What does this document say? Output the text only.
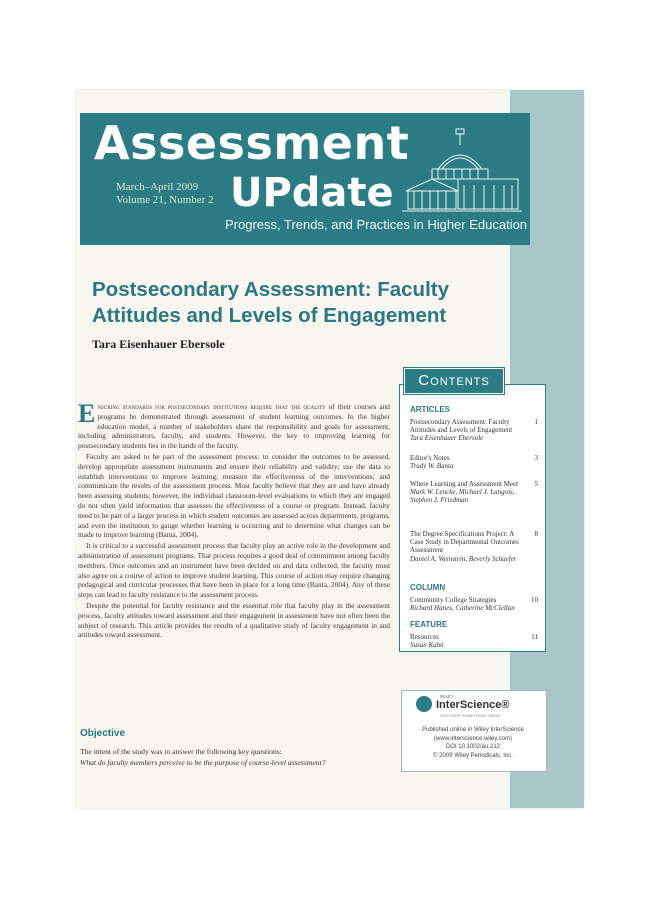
Assessment
UPdate
March–April 2009
Volume 21, Number 2
Progress, Trends, and Practices in Higher Education
Postsecondary Assessment: Faculty
Attitudes and Levels of Engagement
Tara Eisenhauer Ebersole

Ensuring standards for postsecondary institutions require that the quality of their courses and programs be demonstrated through assessment of student learning outcomes. In the higher education model, a number of stakeholders share the responsibility and goals for assessment, including administrators, faculty, and students. However, the key to improving learning for postsecondary students lies in the hands of the faculty.

Faculty are asked to be part of the assessment process: to consider the outcomes to be assessed, develop appropriate assessment instruments and ensure their reliability and validity; use the data to establish interventions to improve learning; measure the effectiveness of the interventions; and communicate the results of the assessment process. Most faculty believe that they are and have already been assessing students; however, the individual classroom-level evaluations to which they are engaged do not often yield information that assesses the effectiveness of a course or program. Instead, faculty need to be part of a larger process in which student outcomes are assessed across departments, programs, and even the institution to gauge whether learning is occurring and to determine what changes can be made to improve learning (Banta, 2004).

It is critical to a successful assessment process that faculty play an active role in the development and administration of assessment programs. That process requires a good deal of commitment among faculty members. Once outcomes and an instrument have been decided on and data collected, the faculty must also agree on a course of action to improve student learning. This course of action may require changing pedagogical and curricular processes that have been in place for a long time (Banta, 2004). Any of these steps can lead to faculty resistance to the assessment process.

Despite the potential for faculty resistance and the essential role that faculty play in the assessment process, faculty attitudes toward assessment and their engagement in assessment have not often been the subject of research. This article provides the results of a qualitative study of faculty engagement in and attitudes toward assessment.

Objective
The intent of the study was to answer the following key questions:
What do faculty members perceive to be the purpose of course-level assessment?
CONTENTS
ARTICLES
Postsecondary Assessment: Faculty Attitudes and Levels of Engagement
Tara Eisenhauer Ebersole
1
Editor's Notes
Trudy W. Banta
3
Where Learning and Assessment Meet
Mark W. Lencke, Michael J. Langois, Stephen J. Friedman
5
The Degree Specifications Project: A Case Study in Departmental Outcomes Assessment
Daniel A. Weinstein, Beverly Schaefer
8
COLUMN
Community College Strategies
Richard Hanes, Catherine McClellan
10
FEATURE
Resources
Susan Kahn
11
WILEY
InterScience®
DISCOVER SOMETHING GREAT
Published online in Wiley InterScience
(www.interscience.wiley.com)
DOI 10.1002/au.212
© 2009 Wiley Periodicals, Inc.
